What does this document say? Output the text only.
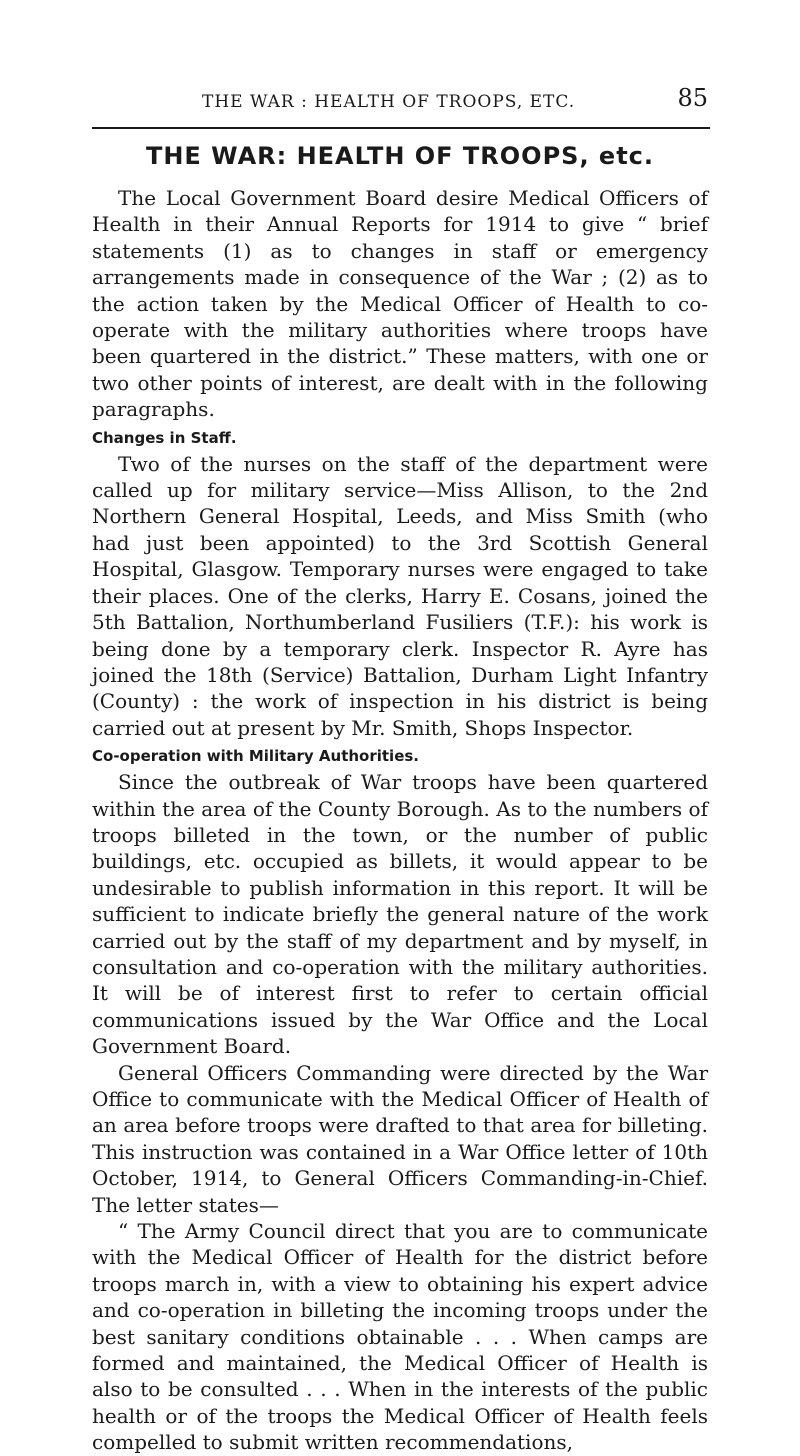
THE WAR : HEALTH OF TROOPS, ETC.	85
THE WAR: HEALTH OF TROOPS, etc.

The Local Government Board desire Medical Officers of Health in their Annual Reports for 1914 to give “ brief statements (1) as to changes in staff or emergency arrangements made in consequence of the War ; (2) as to the action taken by the Medical Officer of Health to co-operate with the military authorities where troops have been quartered in the district.” These matters, with one or two other points of interest, are dealt with in the following paragraphs.

Changes in Staff.

Two of the nurses on the staff of the department were called up for military service—Miss Allison, to the 2nd Northern General Hospital, Leeds, and Miss Smith (who had just been appointed) to the 3rd Scottish General Hospital, Glasgow. Temporary nurses were engaged to take their places. One of the clerks, Harry E. Cosans, joined the 5th Battalion, Northumberland Fusiliers (T.F.): his work is being done by a temporary clerk. Inspector R. Ayre has joined the 18th (Service) Battalion, Durham Light Infantry (County) : the work of inspection in his district is being carried out at present by Mr. Smith, Shops Inspector.

Co-operation with Military Authorities.

Since the outbreak of War troops have been quartered within the area of the County Borough. As to the numbers of troops billeted in the town, or the number of public buildings, etc. occupied as billets, it would appear to be undesirable to publish information in this report. It will be sufficient to indicate briefly the general nature of the work carried out by the staff of my department and by myself, in consultation and co-operation with the military authorities. It will be of interest first to refer to certain official communications issued by the War Office and the Local Government Board.

General Officers Commanding were directed by the War Office to communicate with the Medical Officer of Health of an area before troops were drafted to that area for billeting. This instruction was contained in a War Office letter of 10th October, 1914, to General Officers Commanding-in-Chief. The letter states—

“ The Army Council direct that you are to communicate with the Medical Officer of Health for the district before troops march in, with a view to obtaining his expert advice and co-operation in billeting the incoming troops under the best sanitary conditions obtainable . . . When camps are formed and maintained, the Medical Officer of Health is also to be consulted . . . When in the interests of the public health or of the troops the Medical Officer of Health feels compelled to submit written recommendations,
